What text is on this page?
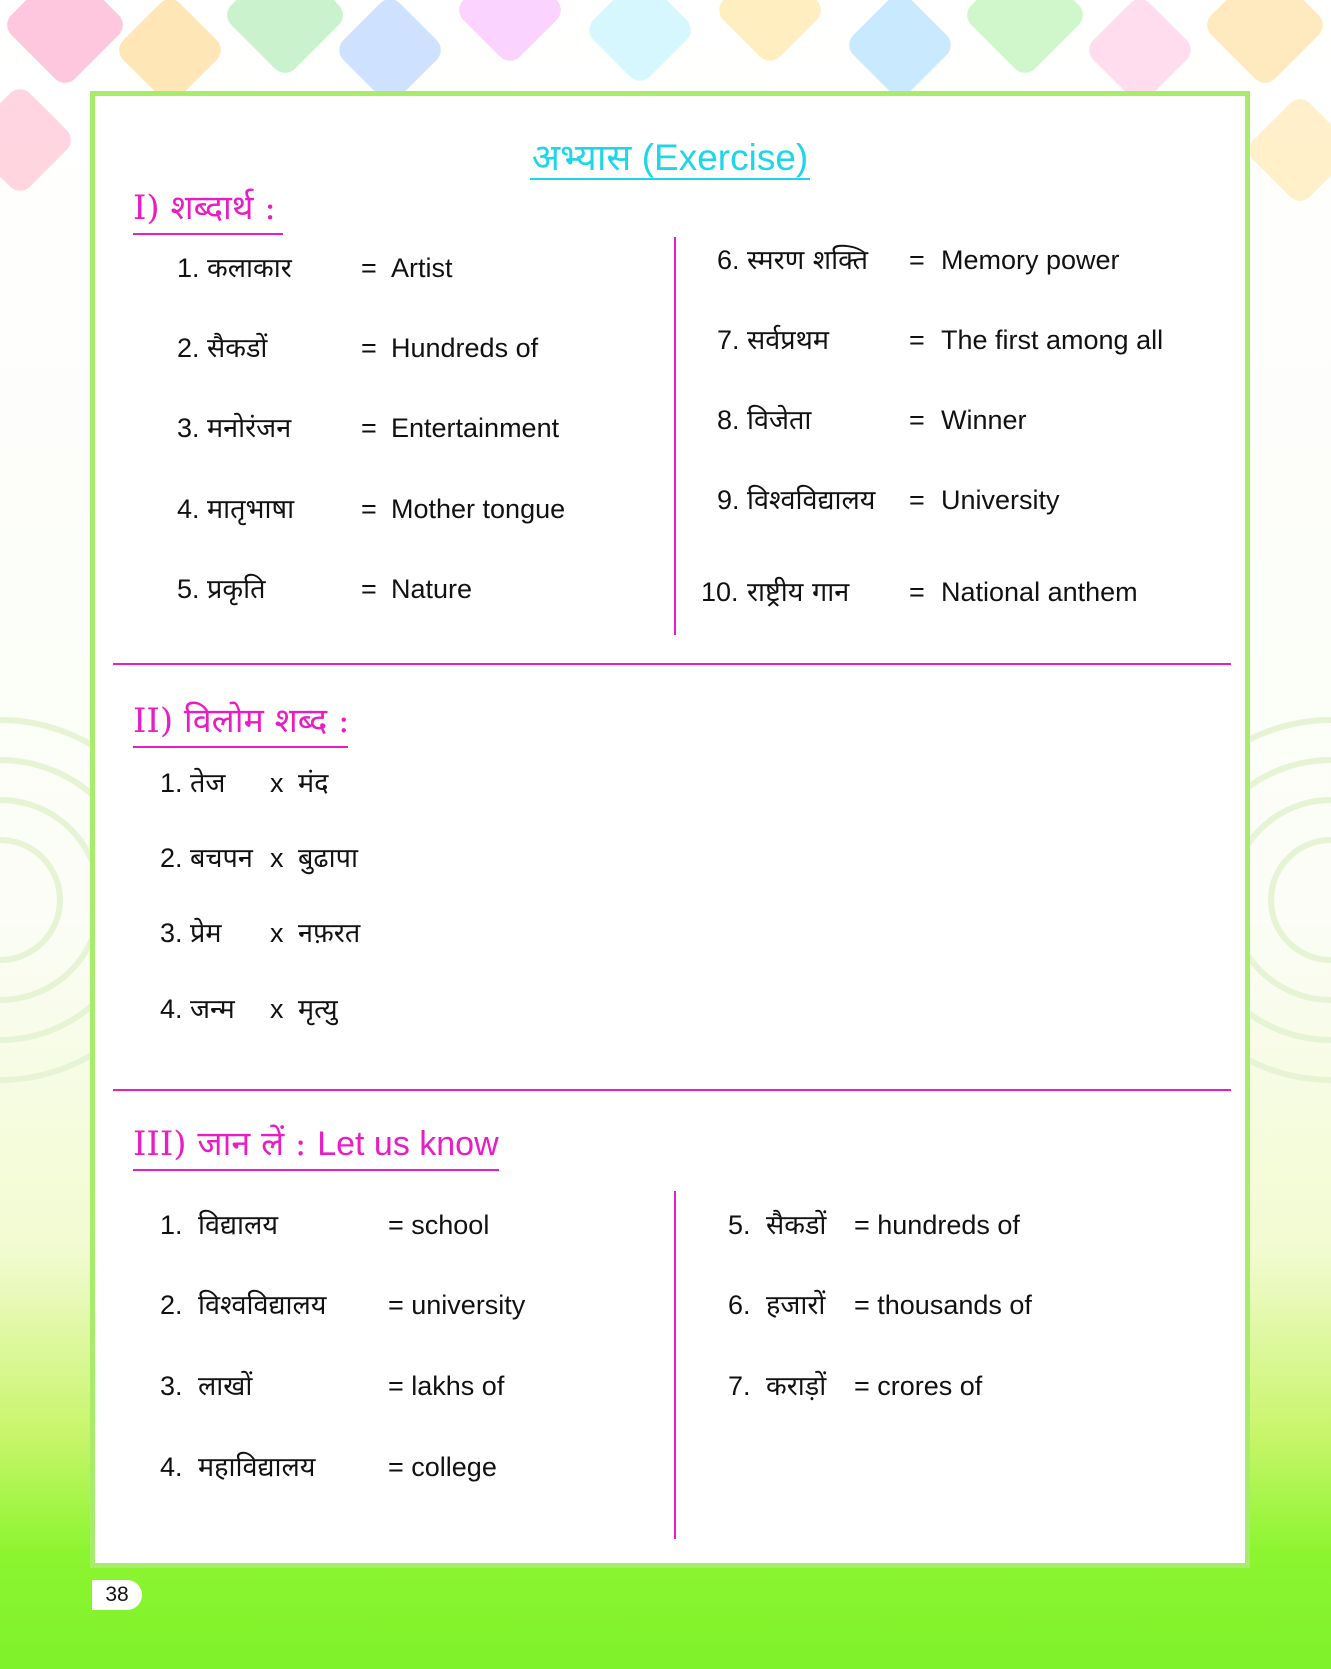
अभ्यास (Exercise)
I) शब्दार्थ :
1. कलाकार	= Artist
2. सैकडों	= Hundreds of
3. मनोरंजन	= Entertainment
4. मातृभाषा	= Mother tongue
5. प्रकृति	= Nature
6. स्मरण शक्ति	= Memory power
7. सर्वप्रथम	= The first among all
8. विजेता	= Winner
9. विश्वविद्यालय	= University
10. राष्ट्रीय गान	= National anthem
II) विलोम शब्द :
1. तेज	x मंद
2. बचपन x बुढापा
3. प्रेम	x नफ़रत
4. जन्म	x मृत्यु
III) जान लें : Let us know
1. विद्यालय	= school
2. विश्वविद्यालय	= university
3. लाखों	= lakhs of
4. महाविद्यालय	= college
5. सैकडों	= hundreds of
6. हजारों	= thousands of
7. कराड़ों	= crores of
38
